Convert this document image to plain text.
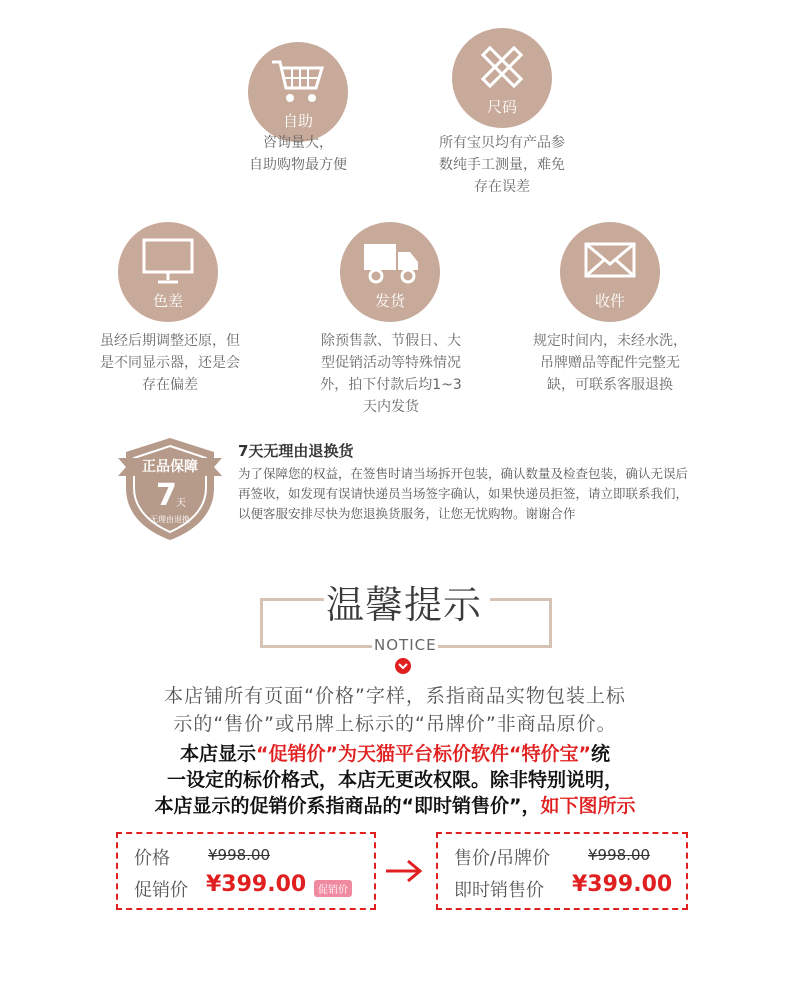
自助
咨询量大，
自助购物最方便
尺码
所有宝贝均有产品参
数纯手工测量，难免
存在误差
色差
虽经后期调整还原，但
是不同显示器，还是会
存在偏差
发货
除预售款、节假日、大
型促销活动等特殊情况
外，拍下付款后均1~3
天内发货
收件
规定时间内，未经水洗，
吊牌赠品等配件完整无
缺，可联系客服退换
正品保障
7 天
无理由退换
7天无理由退换货
为了保障您的权益，在签售时请当场拆开包装，确认数量及检查包装，确认无误后
再签收，如发现有误请快递员当场签字确认，如果快递员拒签，请立即联系我们，
以便客服安排尽快为您退换货服务，让您无忧购物。谢谢合作
温馨提示
NOTICE
本店铺所有页面“价格”字样，系指商品实物包装上标
示的“售价”或吊牌上标示的“吊牌价”非商品原价。
本店显示“促销价”为天猫平台标价软件“特价宝”统
一设定的标价格式，本店无更改权限。除非特别说明，
本店显示的促销价系指商品的“即时销售价”，如下图所示
价格	¥998.00
促销价 ¥399.00	促销价
售价/吊牌价	¥998.00
即时销售价 ¥399.00
